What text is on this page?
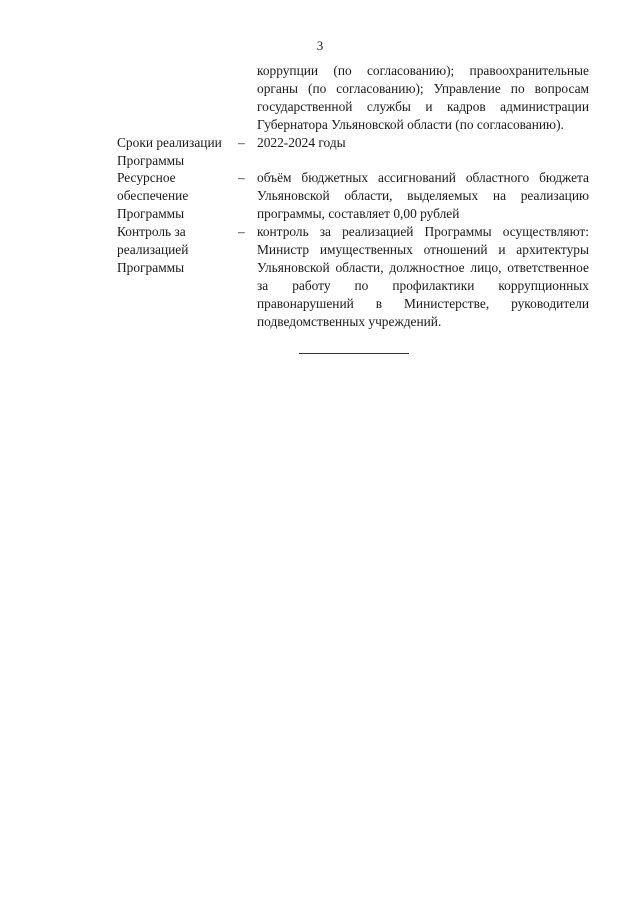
3
коррупции (по согласованию); правоохранительные
органы (по согласованию); Управление по вопросам
государственной службы и кадров администрации
Губернатора Ульяновской области (по согласованию).
Сроки реализации
Программы
– 2022-2024 годы
Ресурсное
обеспечение
Программы
– объём бюджетных ассигнований областного бюджета
Ульяновской области, выделяемых на реализацию
программы, составляет 0,00 рублей
Контроль за
реализацией
Программы
– контроль за реализацией Программы осуществляют:
Министр имущественных отношений и архитектуры
Ульяновской области, должностное лицо, ответственное
за работу по профилактики коррупционных
правонарушений в Министерстве, руководители
подведомственных учреждений.
